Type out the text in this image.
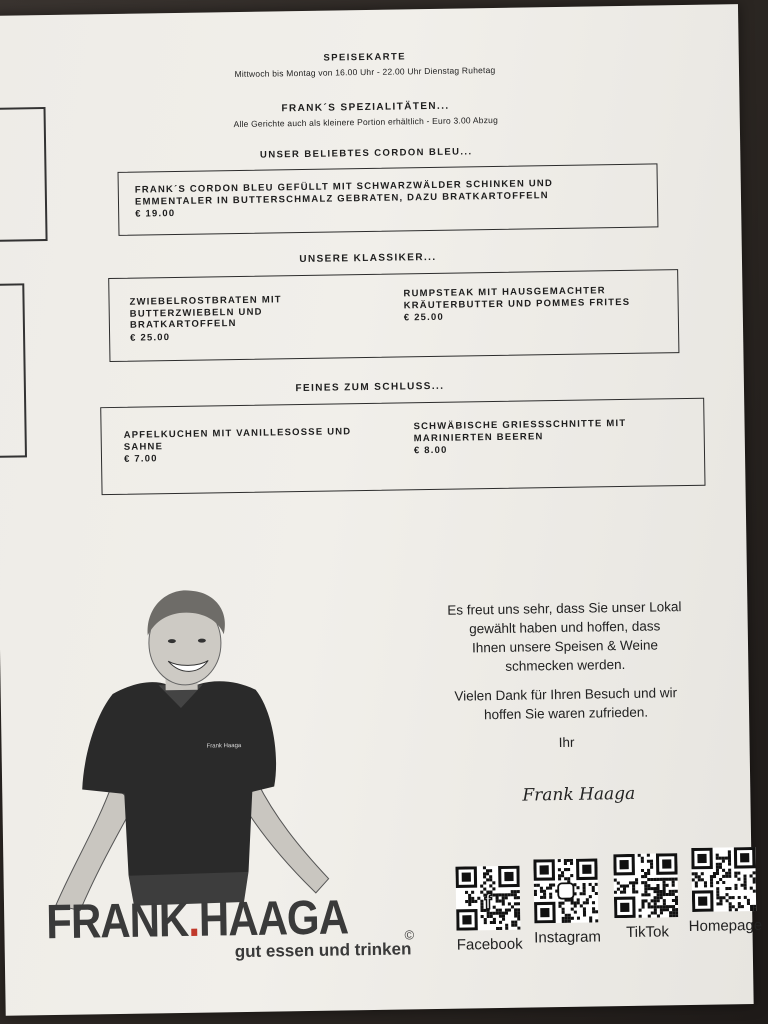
SPEISEKARTE
Mittwoch bis Montag von 16.00 Uhr - 22.00 Uhr Dienstag Ruhetag
FRANK´S SPEZIALITÄTEN...
Alle Gerichte auch als kleinere Portion erhältlich - Euro 3.00 Abzug
UNSER BELIEBTES CORDON BLEU...
FRANK´S CORDON BLEU GEFÜLLT MIT SCHWARZWÄLDER SCHINKEN UND EMMENTALER IN BUTTERSCHMALZ GEBRATEN, DAZU BRATKARTOFFELN
€ 19.00
UNSERE KLASSIKER...
ZWIEBELROSTBRATEN MIT BUTTERZWIEBELN UND BRATKARTOFFELN
€ 25.00
RUMPSTEAK MIT HAUSGEMACHTER KRÄUTERBUTTER UND POMMES FRITES
€ 25.00
FEINES ZUM SCHLUSS...
APFELKUCHEN MIT VANILLESOSSE UND SAHNE
€ 7.00
SCHWÄBISCHE GRIESSSCHNITTE MIT MARINIERTEN BEEREN
€ 8.00
Frank Haaga
FRANK.HAAGA	©
gut essen und trinken
Es freut uns sehr, dass Sie unser Lokal
gewählt haben und hoffen, dass
Ihnen unsere Speisen & Weine
schmecken werden.
Vielen Dank für Ihren Besuch und wir
hoffen Sie waren zufrieden.
Ihr
Frank Haaga
f
Facebook Instagram	TikTok	Homepage
